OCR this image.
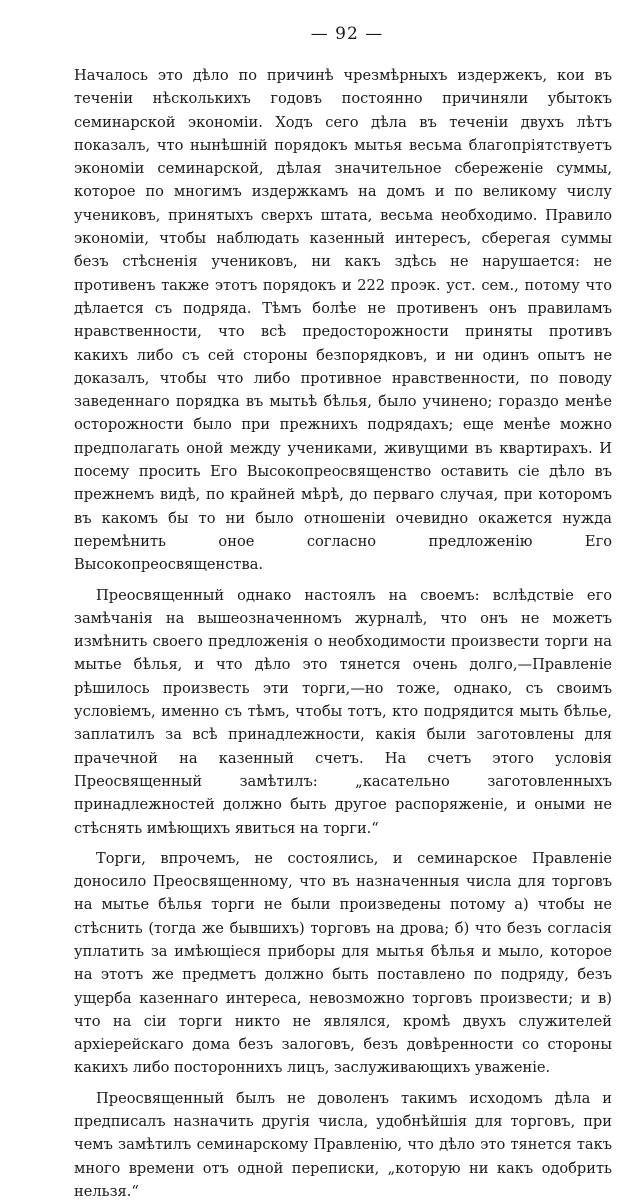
— 92 —

Началось это дѣло по причинѣ чрезмѣрныхъ издержекъ, кои въ теченіи нѣсколькихъ годовъ постоянно причиняли убытокъ семинарской экономіи. Ходъ сего дѣла въ теченіи двухъ лѣтъ показалъ, что нынѣшній порядокъ мытья весьма благопріятствуетъ экономіи семинарской, дѣлая значительное сбереженіе суммы, которое по многимъ издержкамъ на домъ и по великому числу учениковъ, принятыхъ сверхъ штата, весьма необходимо. Правило экономіи, чтобы наблюдать казенный интересъ, сберегая суммы безъ стѣсненія учениковъ, ни какъ здѣсь не нарушается: не противенъ также этотъ порядокъ и 222 проэк. уст. сем., потому что дѣлается съ подряда. Тѣмъ болѣе не противенъ онъ правиламъ нравственности, что всѣ предосторожности приняты противъ какихъ либо съ сей стороны безпорядковъ, и ни одинъ опытъ не доказалъ, чтобы что либо противное нравственности, по поводу заведеннаго порядка въ мытьѣ бѣлья, было учинено; гораздо менѣе осторожности было при прежнихъ подрядахъ; еще менѣе можно предполагать оной между учениками, живущими въ квартирахъ. И посему просить Его Высокопреосвященство оставить сіе дѣло въ прежнемъ видѣ, по крайней мѣрѣ, до перваго случая, при которомъ въ какомъ бы то ни было отношеніи очевидно окажется нужда перемѣнить оное согласно предложенію Его Высокопреосвященства.

Преосвященный однако настоялъ на своемъ: вслѣдствіе его замѣчанія на вышеозначенномъ журналѣ, что онъ не можетъ измѣнить своего предложенія о необходимости произвести торги на мытье бѣлья, и что дѣло это тянется очень долго,—Правленіе рѣшилось произвесть эти торги,—но тоже, однако, съ своимъ условіемъ, именно съ тѣмъ, чтобы тотъ, кто подрядится мыть бѣлье, заплатилъ за всѣ принадлежности, какія были заготовлены для прачечной на казенный счетъ. На счетъ этого условія Преосвященный замѣтилъ: „касательно заготовленныхъ принадлежностей должно быть другое распоряженіе, и оными не стѣснять имѣющихъ явиться на торги.“

Торги, впрочемъ, не состоялись, и семинарское Правленіе доносило Преосвященному, что въ назначенныя числа для торговъ на мытье бѣлья торги не были произведены потому а) чтобы не стѣснить (тогда же бывшихъ) торговъ на дрова; б) что безъ согласія уплатить за имѣющіеся приборы для мытья бѣлья и мыло, которое на этотъ же предметъ должно быть поставлено по подряду, безъ ущерба казеннаго интереса, невозможно торговъ произвести; и в) что на сіи торги никто не являлся, кромѣ двухъ служителей архіерейскаго дома безъ залоговъ, безъ довѣренности со стороны какихъ либо постороннихъ лицъ, заслуживающихъ уваженіе.

Преосвященный былъ не доволенъ такимъ исходомъ дѣла и предписалъ назначить другія числа, удобнѣйшія для торговъ, при чемъ замѣтилъ семинарскому Правленію, что дѣло это тянется такъ много времени отъ одной переписки, „которую ни какъ одобрить нельзя.“
